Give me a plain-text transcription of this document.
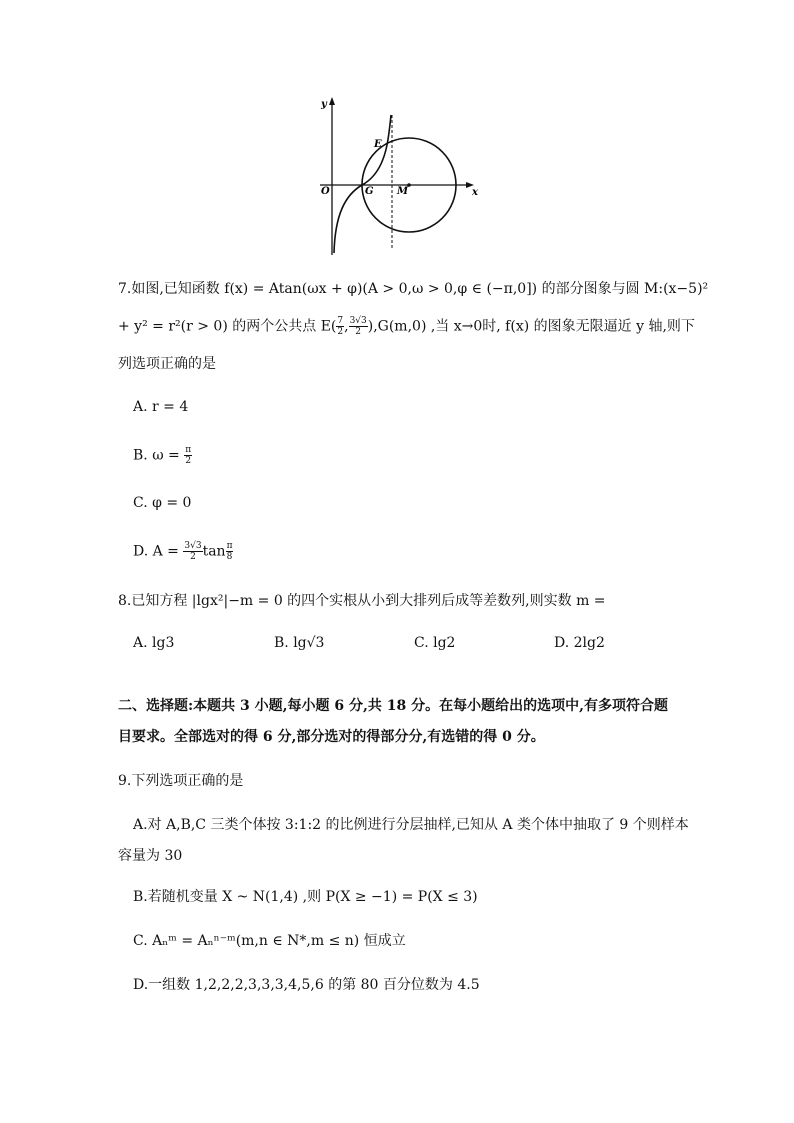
y
x
O
E
G M
7.如图,已知函数 f(x) = Atan(ωx + φ)(A > 0,ω > 0,φ ∈ (−π,0]) 的部分图象与圆 M:(x−5)²
+ y² = r²(r > 0) 的两个公共点 $E( \frac{7}{2}$ , $\frac{3√3}{2} ),G(m,0)$ ,当 x→0时, f(x) 的图象无限逼近 y 轴,则下
列选项正确的是
A. r = 4
B. $\omega = \frac{\pi}{2}$
C. φ = 0
D. $A = \frac{3√3}{2}$ $\tan \frac{\pi}{8}$
8.已知方程 |lgx²|−m = 0 的四个实根从小到大排列后成等差数列,则实数 m =
A. lg3	B. lg√3	C. lg2	D. 2lg2
二、选择题:本题共 3 小题,每小题 6 分,共 18 分。在每小题给出的选项中,有多项符合题
目要求。全部选对的得 6 分,部分选对的得部分分,有选错的得 0 分。
9.下列选项正确的是
A.对 A,B,C 三类个体按 3:1:2 的比例进行分层抽样,已知从 A 类个体中抽取了 9 个则样本
容量为 30
B.若随机变量 X ~ N(1,4) ,则 P(X ≥ −1) = P(X ≤ 3)
C. Aₙᵐ = Aₙⁿ⁻ᵐ(m,n ∈ N*,m ≤ n) 恒成立
D.一组数 1,2,2,2,3,3,3,4,5,6 的第 80 百分位数为 4.5
